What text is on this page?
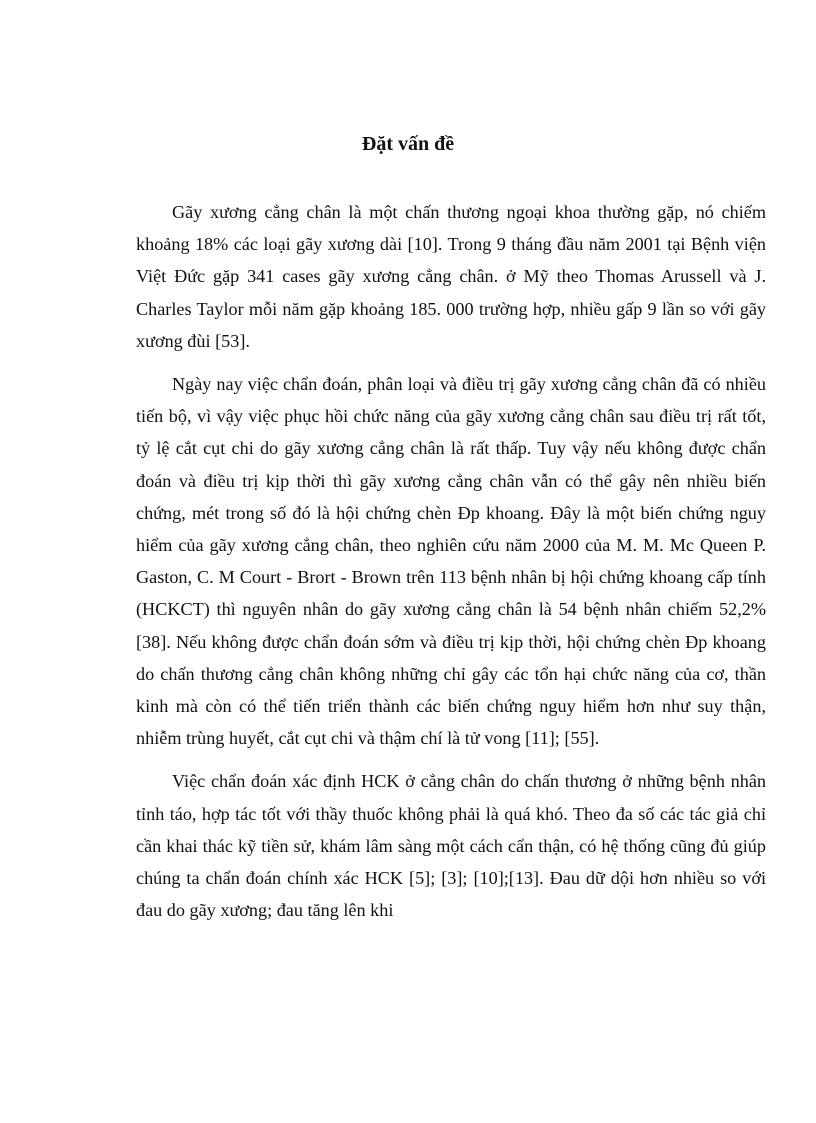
Đặt vấn đề

Gãy xương cẳng chân là một chấn thương ngoại khoa thường gặp, nó chiếm khoảng 18% các loại gãy xương dài [10]. Trong 9 tháng đầu năm 2001 tại Bệnh viện Việt Đức gặp 341 cases gãy xương cẳng chân. ở Mỹ theo Thomas Arussell và J. Charles Taylor mỗi năm gặp khoảng 185. 000 trường hợp, nhiều gấp 9 lần so với gãy xương đùi [53].

Ngày nay việc chẩn đoán, phân loại và điều trị gãy xương cẳng chân đã có nhiều tiến bộ, vì vậy việc phục hồi chức năng của gãy xương cẳng chân sau điều trị rất tốt, tỷ lệ cắt cụt chi do gãy xương cẳng chân là rất thấp. Tuy vậy nếu không được chẩn đoán và điều trị kịp thời thì gãy xương cẳng chân vẫn có thể gây nên nhiều biến chứng, mét trong số đó là hội chứng chèn Đp khoang. Đây là một biến chứng nguy hiểm của gãy xương cẳng chân, theo nghiên cứu năm 2000 của M. M. Mc Queen P. Gaston, C. M Court - Brort - Brown trên 113 bệnh nhân bị hội chứng khoang cấp tính (HCKCT) thì nguyên nhân do gãy xương cẳng chân là 54 bệnh nhân chiếm 52,2% [38]. Nếu không được chẩn đoán sớm và điều trị kịp thời, hội chứng chèn Đp khoang do chấn thương cẳng chân không những chỉ gây các tổn hại chức năng của cơ, thần kinh mà còn có thể tiến triển thành các biến chứng nguy hiểm hơn như suy thận, nhiễm trùng huyết, cắt cụt chi và thậm chí là tử vong [11]; [55].

Việc chẩn đoán xác định HCK ở cẳng chân do chấn thương ở những bệnh nhân tỉnh táo, hợp tác tốt với thầy thuốc không phải là quá khó. Theo đa số các tác giả chỉ cần khai thác kỹ tiền sử, khám lâm sàng một cách cẩn thận, có hệ thống cũng đủ giúp chúng ta chẩn đoán chính xác HCK [5]; [3]; [10];[13]. Đau dữ dội hơn nhiều so với đau do gãy xương; đau tăng lên khi
